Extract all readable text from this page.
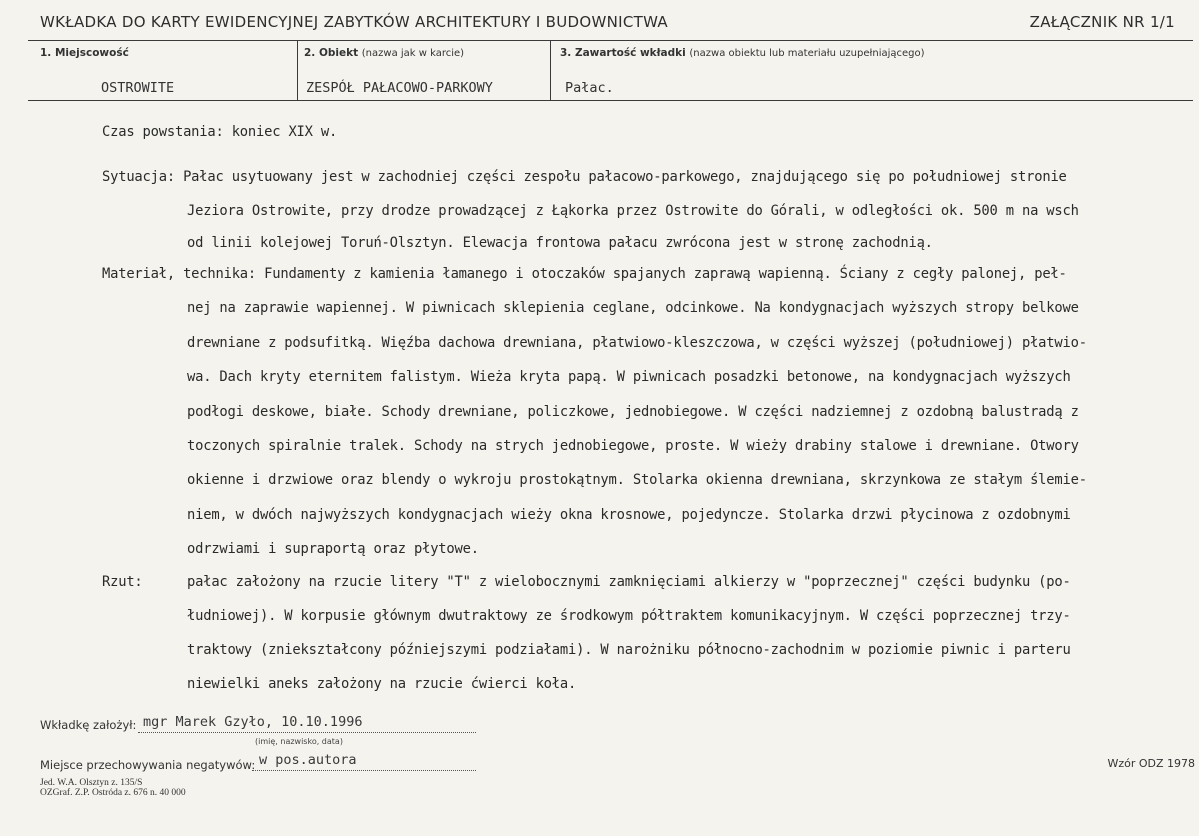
WKŁADKA DO KARTY EWIDENCYJNEJ ZABYTKÓW ARCHITEKTURY I BUDOWNICTWA	ZAŁĄCZNIK NR 1/1
1. Miejscowość	2. Obiekt (nazwa jak w karcie)	3. Zawartość wkładki (nazwa obiektu lub materiału uzupełniającego)
OSTROWITE	ZESPÓŁ PAŁACOWO-PARKOWY	Pałac.
Czas powstania: koniec XIX w.
Sytuacja: Pałac usytuowany jest w zachodniej części zespołu pałacowo-parkowego, znajdującego się po południowej stronie
Jeziora Ostrowite, przy drodze prowadzącej z Łąkorka przez Ostrowite do Górali, w odległości ok. 500 m na wsch
od linii kolejowej Toruń-Olsztyn. Elewacja frontowa pałacu zwrócona jest w stronę zachodnią.
Materiał, technika: Fundamenty z kamienia łamanego i otoczaków spajanych zaprawą wapienną. Ściany z cegły palonej, peł-
nej na zaprawie wapiennej. W piwnicach sklepienia ceglane, odcinkowe. Na kondygnacjach wyższych stropy belkowe
drewniane z podsufitką. Więźba dachowa drewniana, płatwiowo-kleszczowa, w części wyższej (południowej) płatwio-
wa. Dach kryty eternitem falistym. Wieża kryta papą. W piwnicach posadzki betonowe, na kondygnacjach wyższych
podłogi deskowe, białe. Schody drewniane, policzkowe, jednobiegowe. W części nadziemnej z ozdobną balustradą z
toczonych spiralnie tralek. Schody na strych jednobiegowe, proste. W wieży drabiny stalowe i drewniane. Otwory
okienne i drzwiowe oraz blendy o wykroju prostokątnym. Stolarka okienna drewniana, skrzynkowa ze stałym ślemie-
niem, w dwóch najwyższych kondygnacjach wieży okna krosnowe, pojedyncze. Stolarka drzwi płycinowa z ozdobnymi
odrzwiami i supraportą oraz płytowe.
Rzut:	pałac założony na rzucie litery "T" z wielobocznymi zamknięciami alkierzy w "poprzecznej" części budynku (po-
łudniowej). W korpusie głównym dwutraktowy ze środkowym półtraktem komunikacyjnym. W części poprzecznej trzy-
traktowy (zniekształcony późniejszymi podziałami). W narożniku północno-zachodnim w poziomie piwnic i parteru
niewielki aneks założony na rzucie ćwierci koła.
Wkładkę założył: mgr Marek Gzyło, 10.10.1996
(imię, nazwisko, data)
Miejsce przechowywania negatywów: w pos.autora
Jed. W.A. Olsztyn z. 135/S
OZGraf. Z.P. Ostróda z. 676 n. 40 000
Wzór ODZ 1978
